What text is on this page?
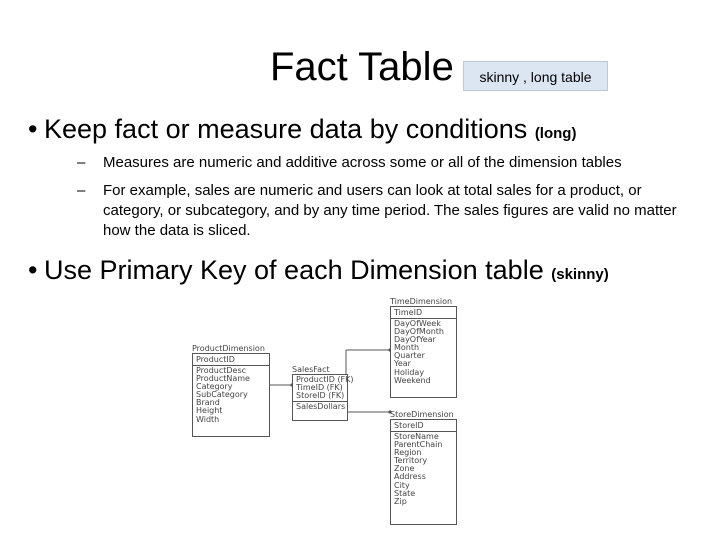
Fact Table	skinny , long table
• Keep fact or measure data by conditions (long)
– Measures are numeric and additive across some or all of the dimension tables
– For example, sales are numeric and users can look at total sales for a product, or category, or subcategory, and by any time period. The sales figures are valid no matter how the data is sliced.
• Use Primary Key of each Dimension table (skinny)
TimeDimension
TimeID
DayOfWeek
DayOfMonth
DayOfYear
Month
Quarter
Year
Holiday
Weekend
ProductDimension
ProductID
ProductDesc
ProductName
Category
SubCategory
Brand
Height
Width
SalesFact
ProductID (FK)
TimeID (FK)
StoreID (FK)
SalesDollars
StoreDimension
StoreID
StoreName
ParentChain
Region
Territory
Zone
Address
City
State
Zip
